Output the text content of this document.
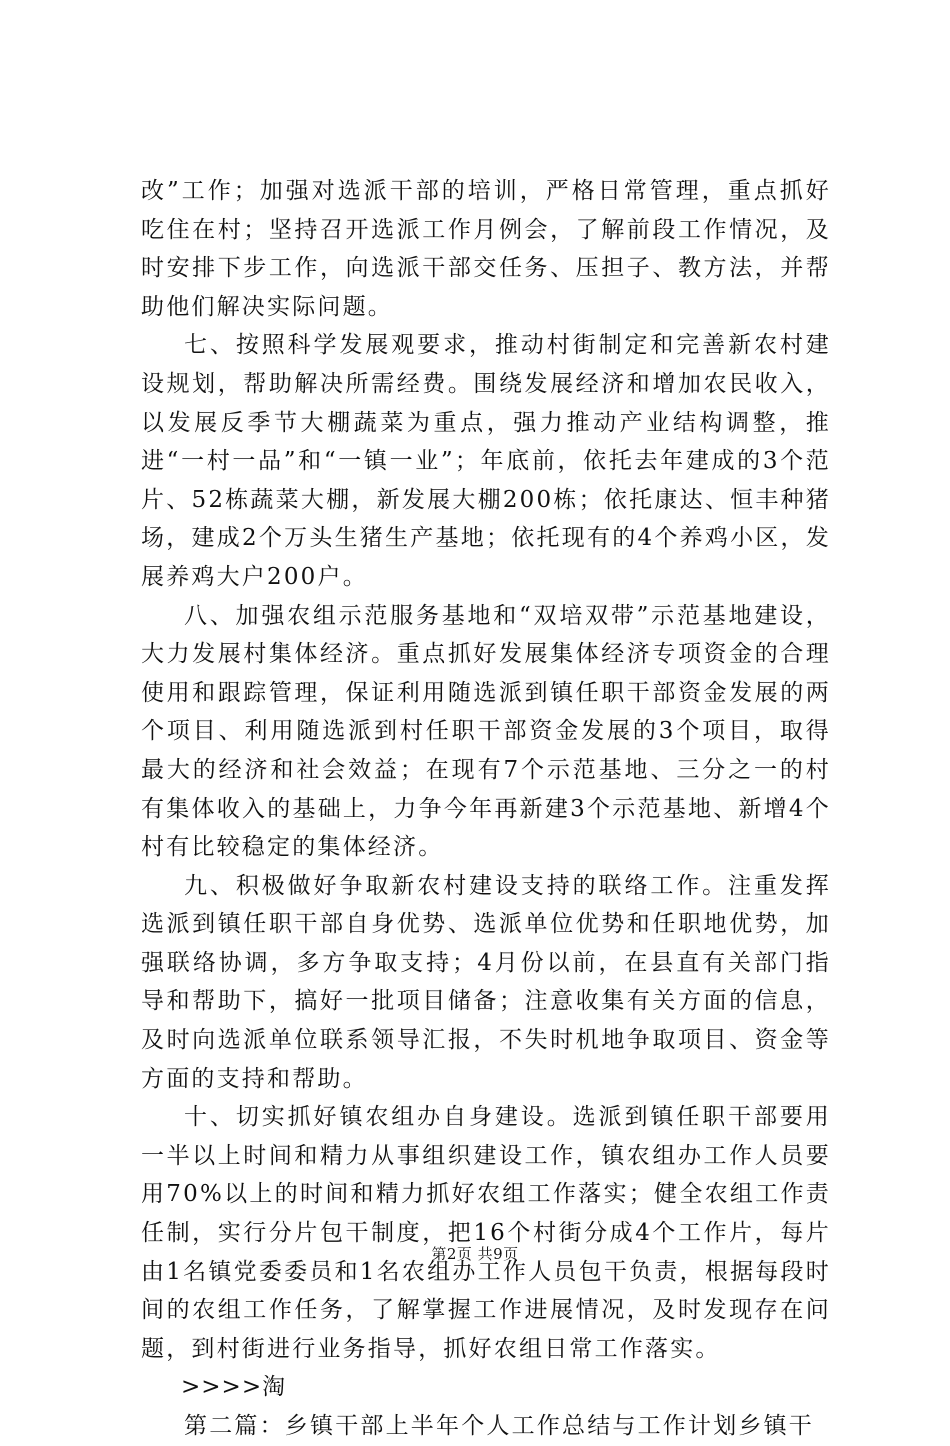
改”工作；加强对选派干部的培训，严格日常管理，重点抓好吃住在村；坚持召开选派工作月例会，了解前段工作情况，及时安排下步工作，向选派干部交任务、压担子、教方法，并帮助他们解决实际问题。

七、按照科学发展观要求，推动村街制定和完善新农村建设规划，帮助解决所需经费。围绕发展经济和增加农民收入，以发展反季节大棚蔬菜为重点，强力推动产业结构调整，推进“一村一品”和“一镇一业”；年底前，依托去年建成的3个范片、52栋蔬菜大棚，新发展大棚200栋；依托康达、恒丰种猪场，建成2个万头生猪生产基地；依托现有的4个养鸡小区，发展养鸡大户200户。

八、加强农组示范服务基地和“双培双带”示范基地建设，大力发展村集体经济。重点抓好发展集体经济专项资金的合理使用和跟踪管理，保证利用随选派到镇任职干部资金发展的两个项目、利用随选派到村任职干部资金发展的3个项目，取得最大的经济和社会效益；在现有7个示范基地、三分之一的村有集体收入的基础上，力争今年再新建3个示范基地、新增4个村有比较稳定的集体经济。

九、积极做好争取新农村建设支持的联络工作。注重发挥选派到镇任职干部自身优势、选派单位优势和任职地优势，加强联络协调，多方争取支持；4月份以前，在县直有关部门指导和帮助下，搞好一批项目储备；注意收集有关方面的信息，及时向选派单位联系领导汇报，不失时机地争取项目、资金等方面的支持和帮助。

十、切实抓好镇农组办自身建设。选派到镇任职干部要用一半以上时间和精力从事组织建设工作，镇农组办工作人员要用70%以上的时间和精力抓好农组工作落实；健全农组工作责任制，实行分片包干制度，把16个村街分成4个工作片，每片由1名镇党委委员和1名农组办工作人员包干负责，根据每段时间的农组工作任务，了解掌握工作进展情况，及时发现存在问题，到村街进行业务指导，抓好农组日常工作落实。

>>>>淘

第二篇：乡镇干部上半年个人工作总结与工作计划乡镇干

第2页 共9页
